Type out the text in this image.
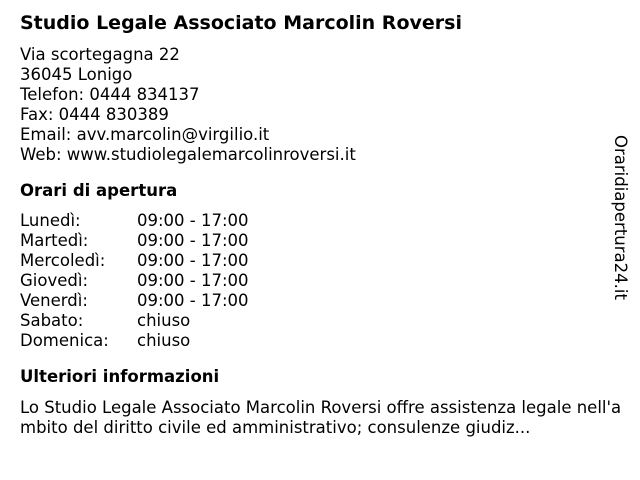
Studio Legale Associato Marcolin Roversi
Via scortegagna 22
36045 Lonigo
Telefon: 0444 834137
Fax: 0444 830389
Email: avv.marcolin@virgilio.it
Web: www.studiolegalemarcolinroversi.it
Orari di apertura
Lunedì:	09:00 - 17:00
Martedì:	09:00 - 17:00
Mercoledì: 09:00 - 17:00
Giovedì:	09:00 - 17:00
Venerdì:	09:00 - 17:00
Sabato:	chiuso
Domenica: chiuso
Ulteriori informazioni
Lo Studio Legale Associato Marcolin Roversi offre assistenza legale nell'ambito del diritto civile ed amministrativo; consulenze giudiz...
Oraridiapertura24.it
